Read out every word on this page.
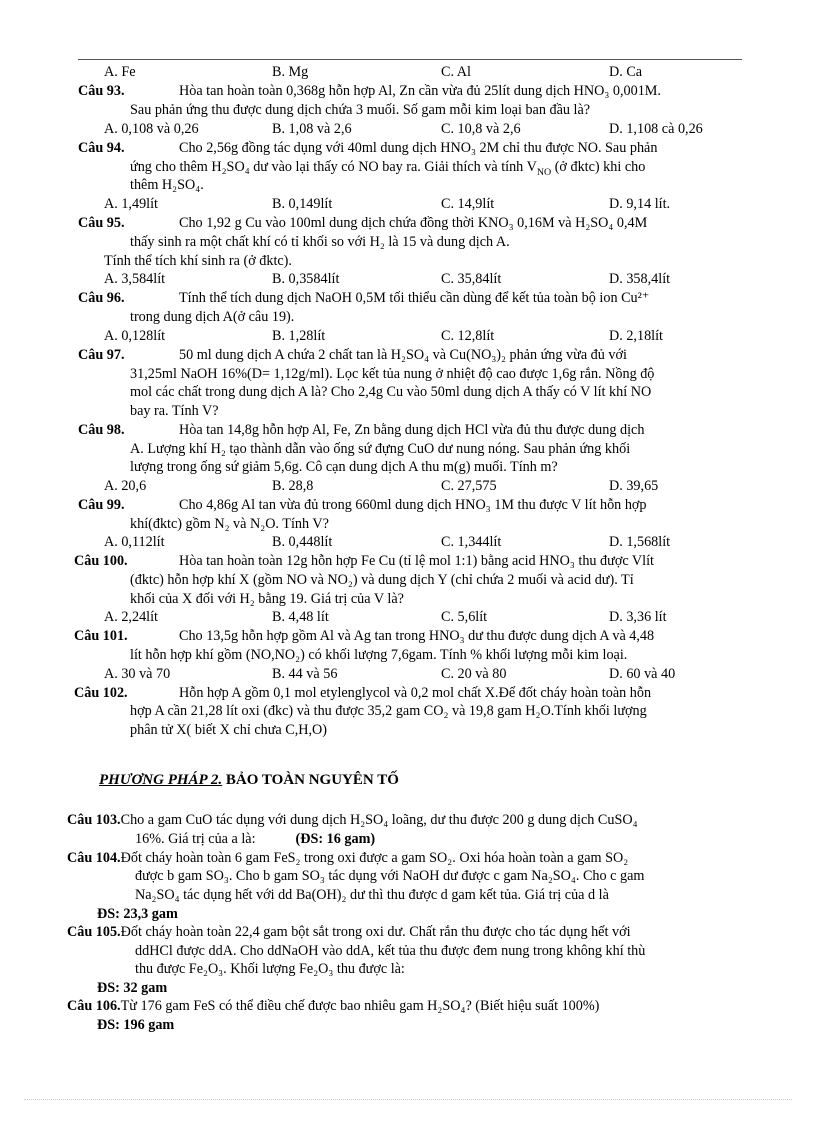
A. Fe	B. Mg	C. Al	D. Ca
Câu 93.	Hòa tan hoàn toàn 0,368g hỗn hợp Al, Zn cần vừa đủ 25lít dung dịch HNO₃ 0,001M.
Sau phản ứng thu được dung dịch chứa 3 muối. Số gam mỗi kim loại ban đầu là?
A. 0,108 và 0,26	B. 1,08 và 2,6	C. 10,8 và 2,6	D. 1,108 cà 0,26
Câu 94.	Cho 2,56g đồng tác dụng với 40ml dung dịch HNO₃ 2M chỉ thu được NO. Sau phản
ứng cho thêm H₂SO₄ dư vào lại thấy có NO bay ra. Giải thích và tính $V_{NO}$ (ở đktc) khi cho
thêm H₂SO₄.
A. 1,49lít	B. 0,149lít	C. 14,9lít	D. 9,14 lít.
Câu 95.	Cho 1,92 g Cu vào 100ml dung dịch chứa đồng thời KNO₃ 0,16M và H₂SO₄ 0,4M
thấy sinh ra một chất khí có tỉ khối so với H₂ là 15 và dung dịch A.
Tính thể tích khí sinh ra (ở đktc).
A. 3,584lít	B. 0,3584lít	C. 35,84lít	D. 358,4lít
Câu 96.	Tính thể tích dung dịch NaOH 0,5M tối thiểu cần dùng để kết tủa toàn bộ ion Cu²⁺
trong dung dịch A(ở câu 19).
A. 0,128lít	B. 1,28lít	C. 12,8lít	D. 2,18lít
Câu 97.	50 ml dung dịch A chứa 2 chất tan là H₂SO₄ và Cu(NO₃)₂ phản ứng vừa đủ với
31,25ml NaOH 16%(D= 1,12g/ml). Lọc kết tủa nung ở nhiệt độ cao được 1,6g rắn. Nồng độ
mol các chất trong dung dịch A là? Cho 2,4g Cu vào 50ml dung dịch A thấy có V lít khí NO
bay ra. Tính V?
Câu 98.	Hòa tan 14,8g hỗn hợp Al, Fe, Zn bằng dung dịch HCl vừa đủ thu được dung dịch
A. Lượng khí H₂ tạo thành dẫn vào ống sứ đựng CuO dư nung nóng. Sau phản ứng khối
lượng trong ống sứ giảm 5,6g. Cô cạn dung dịch A thu m(g) muối. Tính m?
A. 20,6	B. 28,8	C. 27,575	D. 39,65
Câu 99.	Cho 4,86g Al tan vừa đủ trong 660ml dung dịch HNO₃ 1M thu được V lít hỗn hợp
khí(đktc) gồm N₂ và N₂O. Tính V?
A. 0,112lít	B. 0,448lít	C. 1,344lít	D. 1,568lít
Câu 100.	Hòa tan hoàn toàn 12g hỗn hợp Fe Cu (tỉ lệ mol 1:1) bằng acid HNO₃ thu được Vlít
(đktc) hỗn hợp khí X (gồm NO và NO₂) và dung dịch Y (chỉ chứa 2 muối và acid dư). Tỉ
khối của X đối với H₂ bằng 19. Giá trị của V là?
A. 2,24lít	B. 4,48 lít	C. 5,6lít	D. 3,36 lít
Câu 101.	Cho 13,5g hỗn hợp gồm Al và Ag tan trong HNO₃ dư thu được dung dịch A và 4,48
lít hỗn hợp khí gồm (NO,NO₂) có khối lượng 7,6gam. Tính % khối lượng mỗi kim loại.
A. 30 và 70	B. 44 và 56	C. 20 và 80	D. 60 và 40
Câu 102.	Hỗn hợp A gồm 0,1 mol etylenglycol và 0,2 mol chất X.Để đốt cháy hoàn toàn hỗn
hợp A cần 21,28 lít oxi (đkc) và thu được 35,2 gam CO₂ và 19,8 gam H₂O.Tính khối lượng
phân tử X( biết X chỉ chưa C,H,O)
PHƯƠNG PHÁP 2. BẢO TOÀN NGUYÊN TỐ
Câu 103.Cho a gam CuO tác dụng với dung dịch H₂SO₄ loãng, dư thu được 200 g dung dịch CuSO₄
16%. Giá trị của a là:	(ĐS: 16 gam)
Câu 104.Đốt cháy hoàn toàn 6 gam FeS₂ trong oxi được a gam SO₂. Oxi hóa hoàn toàn a gam SO₂
được b gam SO₃. Cho b gam SO₃ tác dụng với NaOH dư được c gam Na₂SO₄. Cho c gam
Na₂SO₄ tác dụng hết với dd Ba(OH)₂ dư thì thu được d gam kết tủa. Giá trị của d là
ĐS: 23,3 gam
Câu 105.Đốt cháy hoàn toàn 22,4 gam bột sắt trong oxi dư. Chất rắn thu được cho tác dụng hết với
ddHCl được ddA. Cho ddNaOH vào ddA, kết tủa thu được đem nung trong không khí thù
thu được Fe₂O₃. Khối lượng Fe₂O₃ thu được là:
ĐS: 32 gam
Câu 106.Từ 176 gam FeS có thể điều chế được bao nhiêu gam H₂SO₄? (Biết hiệu suất 100%)
ĐS: 196 gam
